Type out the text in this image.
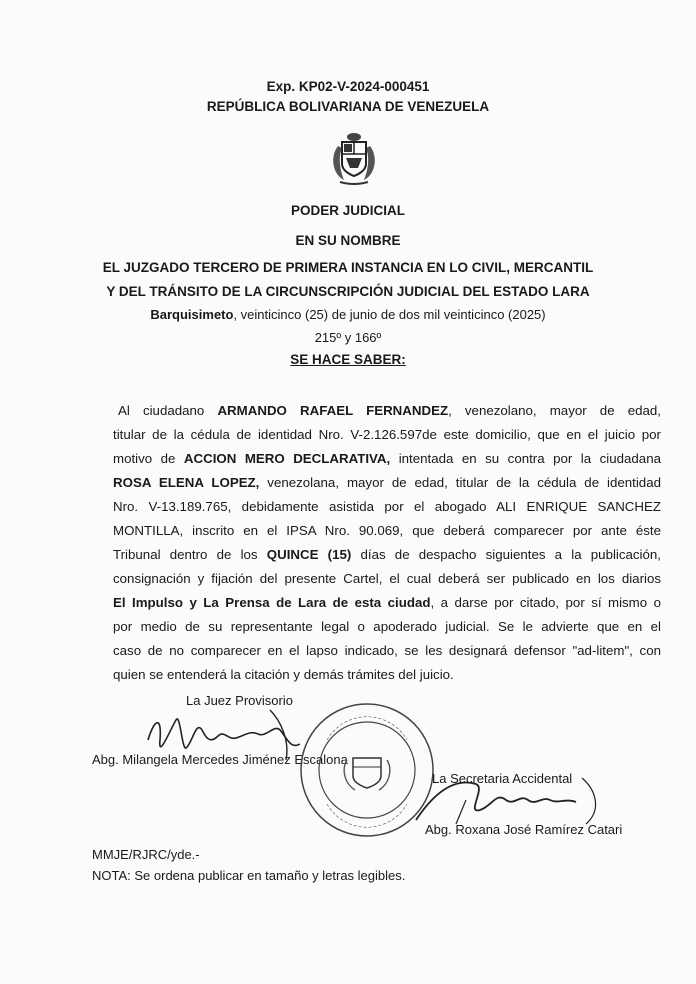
Exp. KP02-V-2024-000451
REPÚBLICA BOLIVARIANA DE VENEZUELA
PODER JUDICIAL
EN SU NOMBRE
EL JUZGADO TERCERO DE PRIMERA INSTANCIA EN LO CIVIL, MERCANTIL
Y DEL TRÁNSITO DE LA CIRCUNSCRIPCIÓN JUDICIAL DEL ESTADO LARA
Barquisimeto, veinticinco (25) de junio de dos mil veinticinco (2025)
215º y 166º
SE HACE SABER:
Al ciudadano ARMANDO RAFAEL FERNANDEZ, venezolano, mayor de edad,
titular de la cédula de identidad Nro. V-2.126.597de este domicilio, que en el juicio por
motivo de ACCION MERO DECLARATIVA, intentada en su contra por la ciudadana
ROSA ELENA LOPEZ, venezolana, mayor de edad, titular de la cédula de identidad
Nro. V-13.189.765, debidamente asistida por el abogado ALI ENRIQUE SANCHEZ
MONTILLA, inscrito en el IPSA Nro. 90.069, que deberá comparecer por ante éste
Tribunal dentro de los QUINCE (15) días de despacho siguientes a la publicación,
consignación y fijación del presente Cartel, el cual deberá ser publicado en los diarios
El Impulso y La Prensa de Lara de esta ciudad, a darse por citado, por sí mismo o
por medio de su representante legal o apoderado judicial. Se le advierte que en el
caso de no comparecer en el lapso indicado, se les designará defensor "ad-litem", con
quien se entenderá la citación y demás trámites del juicio.
La Juez Provisorio
Abg. Milangela Mercedes Jiménez Escalona
La Secretaria Accidental
Abg. Roxana José Ramírez Catari
MMJE/RJRC/yde.-
NOTA: Se ordena publicar en tamaño y letras legibles.
